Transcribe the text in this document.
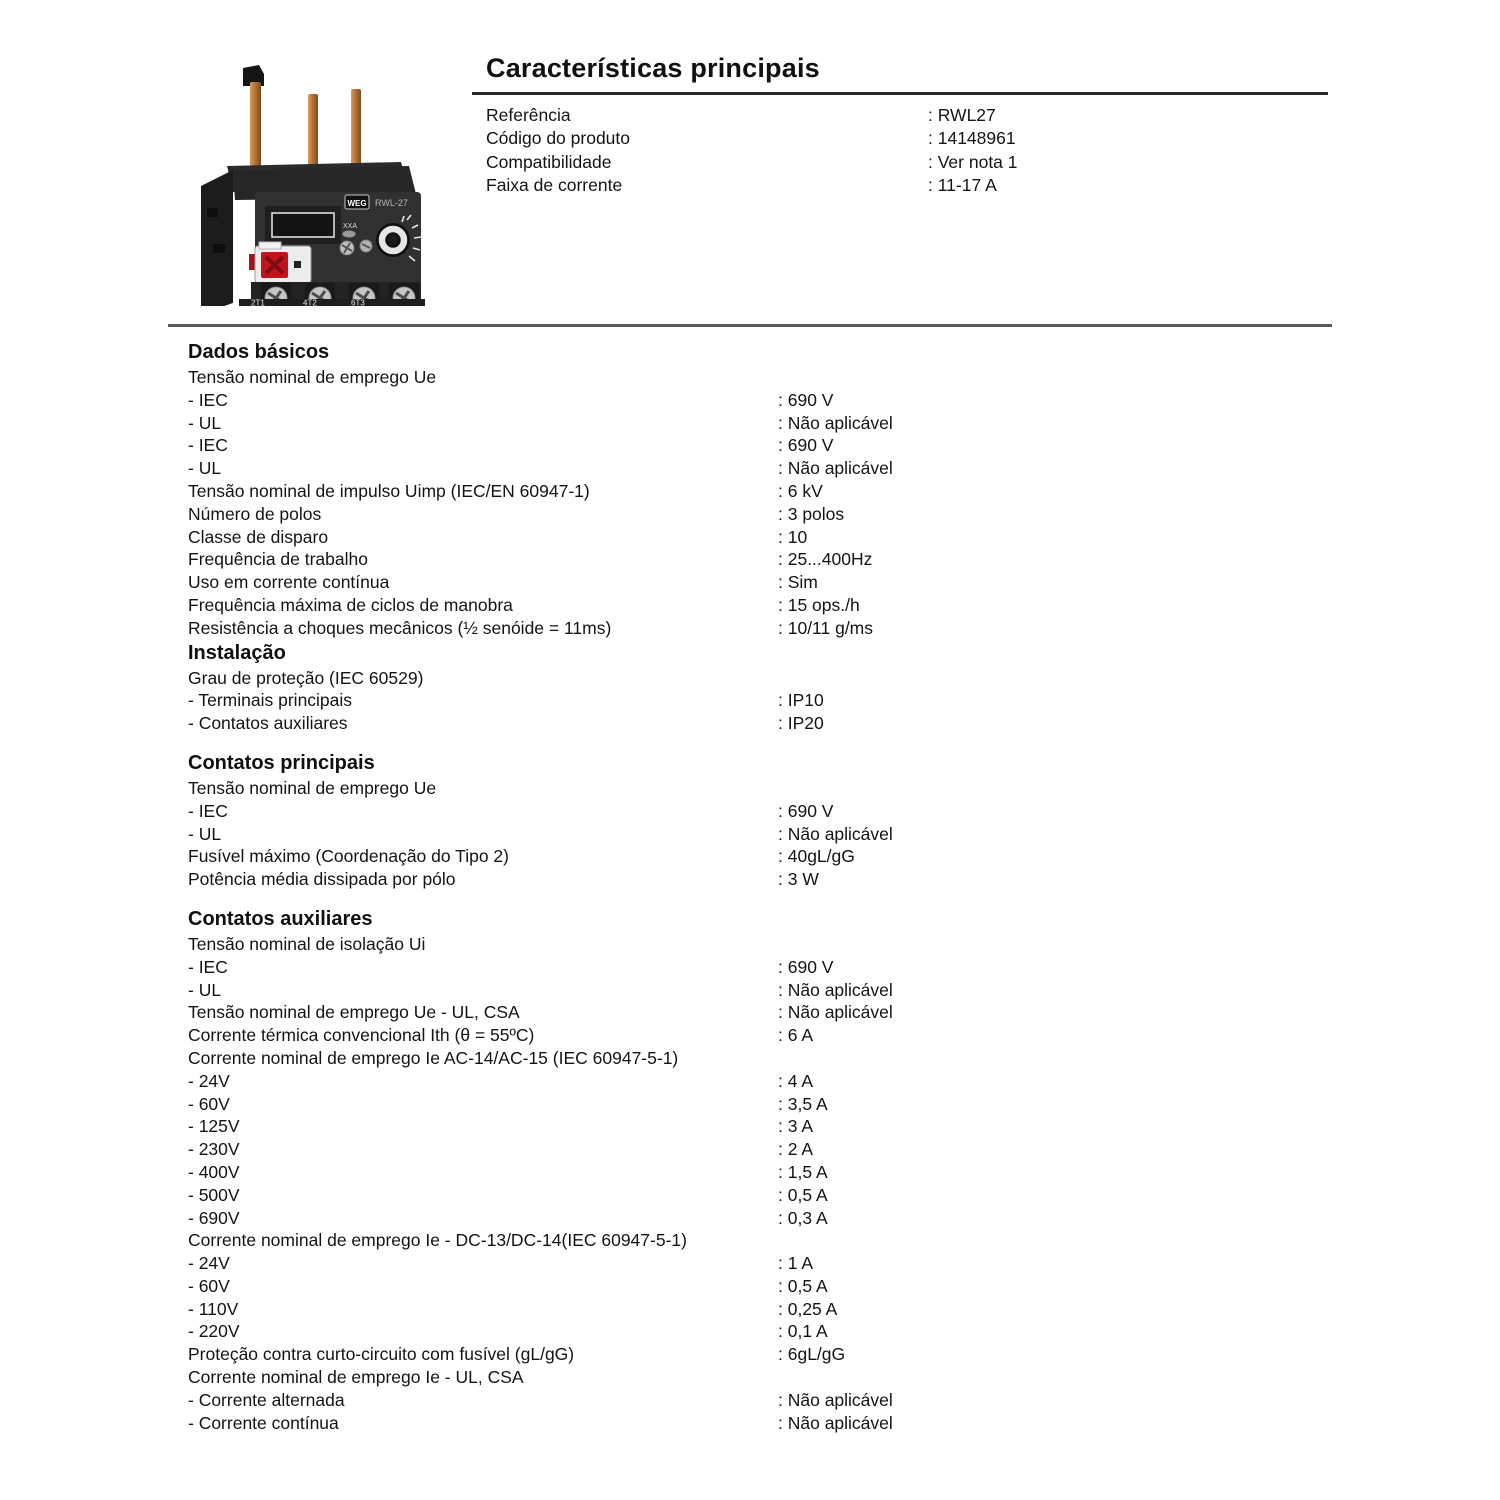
WEG RWL-27
XXA
2T1	4T2	6T3
Características principais
Referência	: RWL27
Código do produto	: 14148961
Compatibilidade	: Ver nota 1
Faixa de corrente	: 11-17 A
Dados básicos
Tensão nominal de emprego Ue
- IEC	: 690 V
- UL	: Não aplicável
- IEC	: 690 V
- UL	: Não aplicável
Tensão nominal de impulso Uimp (IEC/EN 60947-1)	: 6 kV
Número de polos	: 3 polos
Classe de disparo	: 10
Frequência de trabalho	: 25...400Hz
Uso em corrente contínua	: Sim
Frequência máxima de ciclos de manobra	: 15 ops./h
Resistência a choques mecânicos (½ senóide = 11ms)	: 10/11 g/ms
Instalação
Grau de proteção (IEC 60529)
- Terminais principais	: IP10
- Contatos auxiliares	: IP20
Contatos principais
Tensão nominal de emprego Ue
- IEC	: 690 V
- UL	: Não aplicável
Fusível máximo (Coordenação do Tipo 2)	: 40gL/gG
Potência média dissipada por pólo	: 3 W
Contatos auxiliares
Tensão nominal de isolação Ui
- IEC	: 690 V
- UL	: Não aplicável
Tensão nominal de emprego Ue - UL, CSA	: Não aplicável
Corrente térmica convencional Ith (θ = 55ºC)	: 6 A
Corrente nominal de emprego Ie AC-14/AC-15 (IEC 60947-5-1)
- 24V	: 4 A
- 60V	: 3,5 A
- 125V	: 3 A
- 230V	: 2 A
- 400V	: 1,5 A
- 500V	: 0,5 A
- 690V	: 0,3 A
Corrente nominal de emprego Ie - DC-13/DC-14(IEC 60947-5-1)
- 24V	: 1 A
- 60V	: 0,5 A
- 110V	: 0,25 A
- 220V	: 0,1 A
Proteção contra curto-circuito com fusível (gL/gG)	: 6gL/gG
Corrente nominal de emprego Ie - UL, CSA
- Corrente alternada	: Não aplicável
- Corrente contínua	: Não aplicável
